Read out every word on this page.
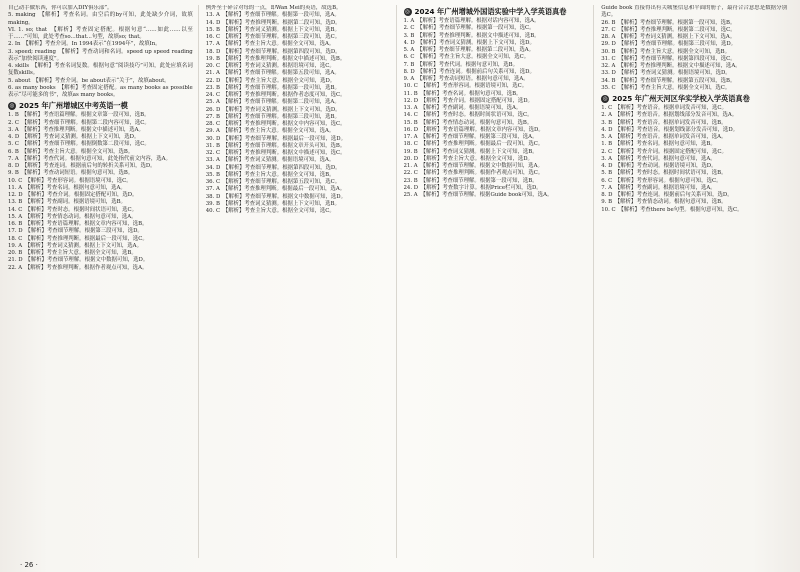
自己动手做东西，你可以加入DIY俱乐部”。

5. making　【解析】考查名词。由空后的by可知，此处缺少介词，故填making。

VI. 1. so; that　【解析】考查固定搭配。根据句意“……如此……以至于……”可知，此处考查so...that...句型，故填so; that。

2. In　【解析】考查介词。In 1994表示“在1994年”，故填In。

3. speed; reading　【解析】考查动词和名词。speed up speed reading 表示“加快阅读速度”。

4. skills　【解析】考查名词复数。根据句意“阅读技巧”可知，此处应填名词复数skills。

5. about　【解析】考查介词。be about表示“关于”，故填about。

6. as many books　【解析】考查固定搭配。as many books as possible 表示“尽可能多的书”，故填as many books。

◎ 2025 年广州增城区中考英语一模

1. B　【解析】考查语篇理解。根据文章第一段可知，选B。

2. C　【解析】考查细节理解。根据第二段内容可知，选C。

3. A　【解析】考查推理判断。根据文中描述可知，选A。

4. D　【解析】考查词义猜测。根据上下文可知，选D。

5. C　【解析】考查细节理解。根据倒数第二段可知，选C。

6. B　【解析】考查主旨大意。根据全文可知，选B。

7. A　【解析】考查代词。根据句意可知，此处指代前文内容，选A。

8. D　【解析】考查连词。根据前后句的转折关系可知，选D。

9. B　【解析】考查动词短语。根据句意可知，选B。

10. C　【解析】考查形容词。根据语境可知，选C。

11. A　【解析】考查名词。根据句意可知，选A。

12. D　【解析】考查介词。根据固定搭配可知，选D。

13. B　【解析】考查副词。根据语境可知，选B。

14. C　【解析】考查时态。根据时间状语可知，选C。

15. A　【解析】考查情态动词。根据句意可知，选A。

16. B　【解析】考查语篇理解。根据文章内容可知，选B。

17. D　【解析】考查细节理解。根据第三段可知，选D。

18. C　【解析】考查推理判断。根据最后一段可知，选C。

19. A　【解析】考查词义猜测。根据上下文可知，选A。

20. B　【解析】考查主旨大意。根据全文可知，选B。

21. D　【解析】考查细节理解。根据文中数据可知，选D。

22. A　【解析】考查推理判断。根据作者观点可知，选A。

例外至于碎合对每的一点，即Wan Mei的英语，故选B。

13. A　【解析】考查细节理解。根据第一段可知，选A。

14. D　【解析】考查推理判断。根据第二段可知，选D。

15. B　【解析】考查词义猜测。根据上下文可知，选B。

16. C　【解析】考查细节理解。根据第三段可知，选C。

17. A　【解析】考查主旨大意。根据全文可知，选A。

18. D　【解析】考查细节理解。根据第四段可知，选D。

19. B　【解析】考查推理判断。根据文中描述可知，选B。

20. C　【解析】考查词义猜测。根据语境可知，选C。

21. A　【解析】考查细节理解。根据第五段可知，选A。

22. D　【解析】考查主旨大意。根据全文可知，选D。

23. B　【解析】考查细节理解。根据第一段可知，选B。

24. C　【解析】考查推理判断。根据作者态度可知，选C。

25. A　【解析】考查细节理解。根据第二段可知，选A。

26. D　【解析】考查词义猜测。根据上下文可知，选D。

27. B　【解析】考查细节理解。根据第三段可知，选B。

28. C　【解析】考查推理判断。根据文中内容可知，选C。

29. A　【解析】考查主旨大意。根据全文可知，选A。

30. D　【解析】考查细节理解。根据最后一段可知，选D。

31. B　【解析】考查细节理解。根据文章开头可知，选B。

32. C　【解析】考查推理判断。根据文中描述可知，选C。

33. A　【解析】考查词义猜测。根据语境可知，选A。

34. D　【解析】考查细节理解。根据第四段可知，选D。

35. B　【解析】考查主旨大意。根据全文可知，选B。

36. C　【解析】考查细节理解。根据第五段可知，选C。

37. A　【解析】考查推理判断。根据最后一段可知，选A。

38. D　【解析】考查细节理解。根据文中数据可知，选D。

39. B　【解析】考查词义猜测。根据上下文可知，选B。

40. C　【解析】考查主旨大意。根据全文可知，选C。

◎ 2024 年广州增城外国语实验中学入学英语真卷

1. A　【解析】考查语篇理解。根据对话内容可知，选A。

2. C　【解析】考查细节理解。根据第一段可知，选C。

3. B　【解析】考查推理判断。根据文中描述可知，选B。

4. D　【解析】考查词义猜测。根据上下文可知，选D。

5. A　【解析】考查细节理解。根据第二段可知，选A。

6. C　【解析】考查主旨大意。根据全文可知，选C。

7. B　【解析】考查代词。根据句意可知，选B。

8. D　【解析】考查连词。根据前后句关系可知，选D。

9. A　【解析】考查动词短语。根据句意可知，选A。

10. C　【解析】考查形容词。根据语境可知，选C。

11. B　【解析】考查名词。根据句意可知，选B。

12. D　【解析】考查介词。根据固定搭配可知，选D。

13. A　【解析】考查副词。根据语境可知，选A。

14. C　【解析】考查时态。根据时间状语可知，选C。

15. B　【解析】考查情态动词。根据句意可知，选B。

16. D　【解析】考查语篇理解。根据文章内容可知，选D。

17. A　【解析】考查细节理解。根据第三段可知，选A。

18. C　【解析】考查推理判断。根据最后一段可知，选C。

19. B　【解析】考查词义猜测。根据上下文可知，选B。

20. D　【解析】考查主旨大意。根据全文可知，选D。

21. A　【解析】考查细节理解。根据文中数据可知，选A。

22. C　【解析】考查推理判断。根据作者观点可知，选C。

23. B　【解析】考查细节理解。根据第一段可知，选B。

24. D　【解析】考查数字计算。根据Price栏可知，选D。

25. A　【解析】考查细节理解。根据Guide book可知，选A。

Guide book 直接得出有关城堡信息和平面的册子，最符合合意思是数据分别选C。

26. B　【解析】考查细节理解。根据第一段可知，选B。

27. C　【解析】考查推理判断。根据第二段可知，选C。

28. A　【解析】考查词义猜测。根据上下文可知，选A。

29. D　【解析】考查细节理解。根据第三段可知，选D。

30. B　【解析】考查主旨大意。根据全文可知，选B。

31. C　【解析】考查细节理解。根据第四段可知，选C。

32. A　【解析】考查推理判断。根据文中描述可知，选A。

33. D　【解析】考查词义猜测。根据语境可知，选D。

34. B　【解析】考查细节理解。根据第五段可知，选B。

35. C　【解析】考查主旨大意。根据全文可知，选C。

◎ 2025 年广州天河区华实学校入学英语真卷

1. C　【解析】考查语音。根据单词发音可知，选C。

2. A　【解析】考查语音。根据划线部分发音可知，选A。

3. B　【解析】考查语音。根据单词发音可知，选B。

4. D　【解析】考查语音。根据划线部分发音可知，选D。

5. A　【解析】考查语音。根据单词发音可知，选A。

1. B　【解析】考查名词。根据句意可知，选B。

2. C　【解析】考查介词。根据固定搭配可知，选C。

3. A　【解析】考查代词。根据句意可知，选A。

4. D　【解析】考查动词。根据语境可知，选D。

5. B　【解析】考查时态。根据时间状语可知，选B。

6. C　【解析】考查形容词。根据句意可知，选C。

7. A　【解析】考查副词。根据语境可知，选A。

8. D　【解析】考查连词。根据前后句关系可知，选D。

9. B　【解析】考查情态动词。根据句意可知，选B。

10. C　【解析】考查there be句型。根据句意可知，选C。

· 26 ·
